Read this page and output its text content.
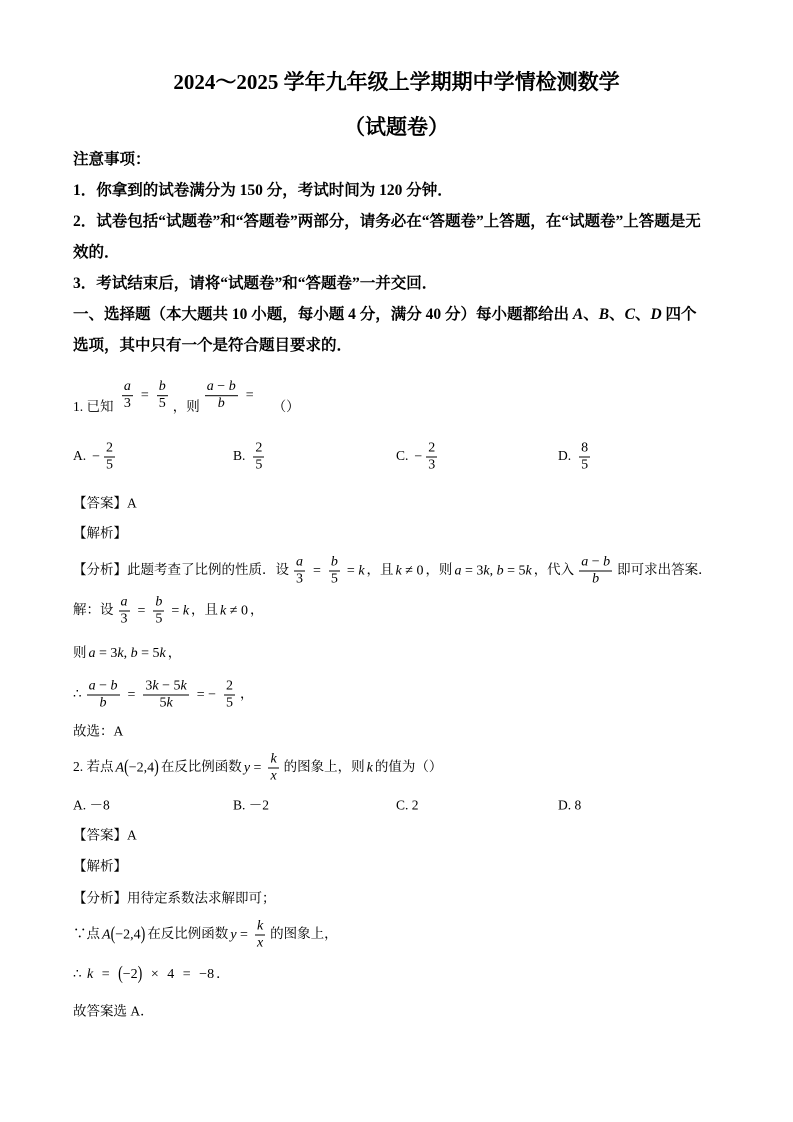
2024～2025 学年九年级上学期期中学情检测数学
（试题卷）
注意事项：
1．你拿到的试卷满分为 150 分，考试时间为 120 分钟．
2．试卷包括“试题卷”和“答题卷”两部分，请务必在“答题卷”上答题，在“试题卷”上答题是无
效的．
3．考试结束后，请将“试题卷”和“答题卷”一并交回．
一、选择题（本大题共 10 小题，每小题 4 分，满分 40 分）每小题都给出 A、B、C、D 四个
选项，其中只有一个是符合题目要求的．
1. 已知 $\frac{a}{3} = \frac{b}{5}$ ，则 $\frac{a - b}{b}$ =（）
A. − $\frac{2}{5}$	B. $\frac{2}{5}$	C. − $\frac{2}{3}$	D. $\frac{8}{5}$
【答案】A
【解析】
【分析】此题考查了比例的性质．设 $\frac{a}{3} = \frac{b}{5} = k$ ，且 k ≠ 0 ，则 a = 3k, b = 5k ，代入 $\frac{a - b}{b}$ 即可求出答案．
解：设 $\frac{a}{3} = \frac{b}{5} = k$ ，且 k ≠ 0 ，
则 a = 3k, b = 5k ，
∴ $\frac{a - b}{b} = \frac{3k - 5k}{5k}$ = − $\frac{2}{5}$ ，
故选：A
2. 若点 A(−2,4) 在反比例函数 $y = \frac{k}{x}$ 的图象上，则 k 的值为（）
A. －8	B. －2	C. 2	D. 8
【答案】A
【解析】
【分析】用待定系数法求解即可；
∵点 A(−2,4) 在反比例函数 $y = \frac{k}{x}$ 的图象上，
∴ k = (−2) × 4 = −8 ．
故答案选 A．
